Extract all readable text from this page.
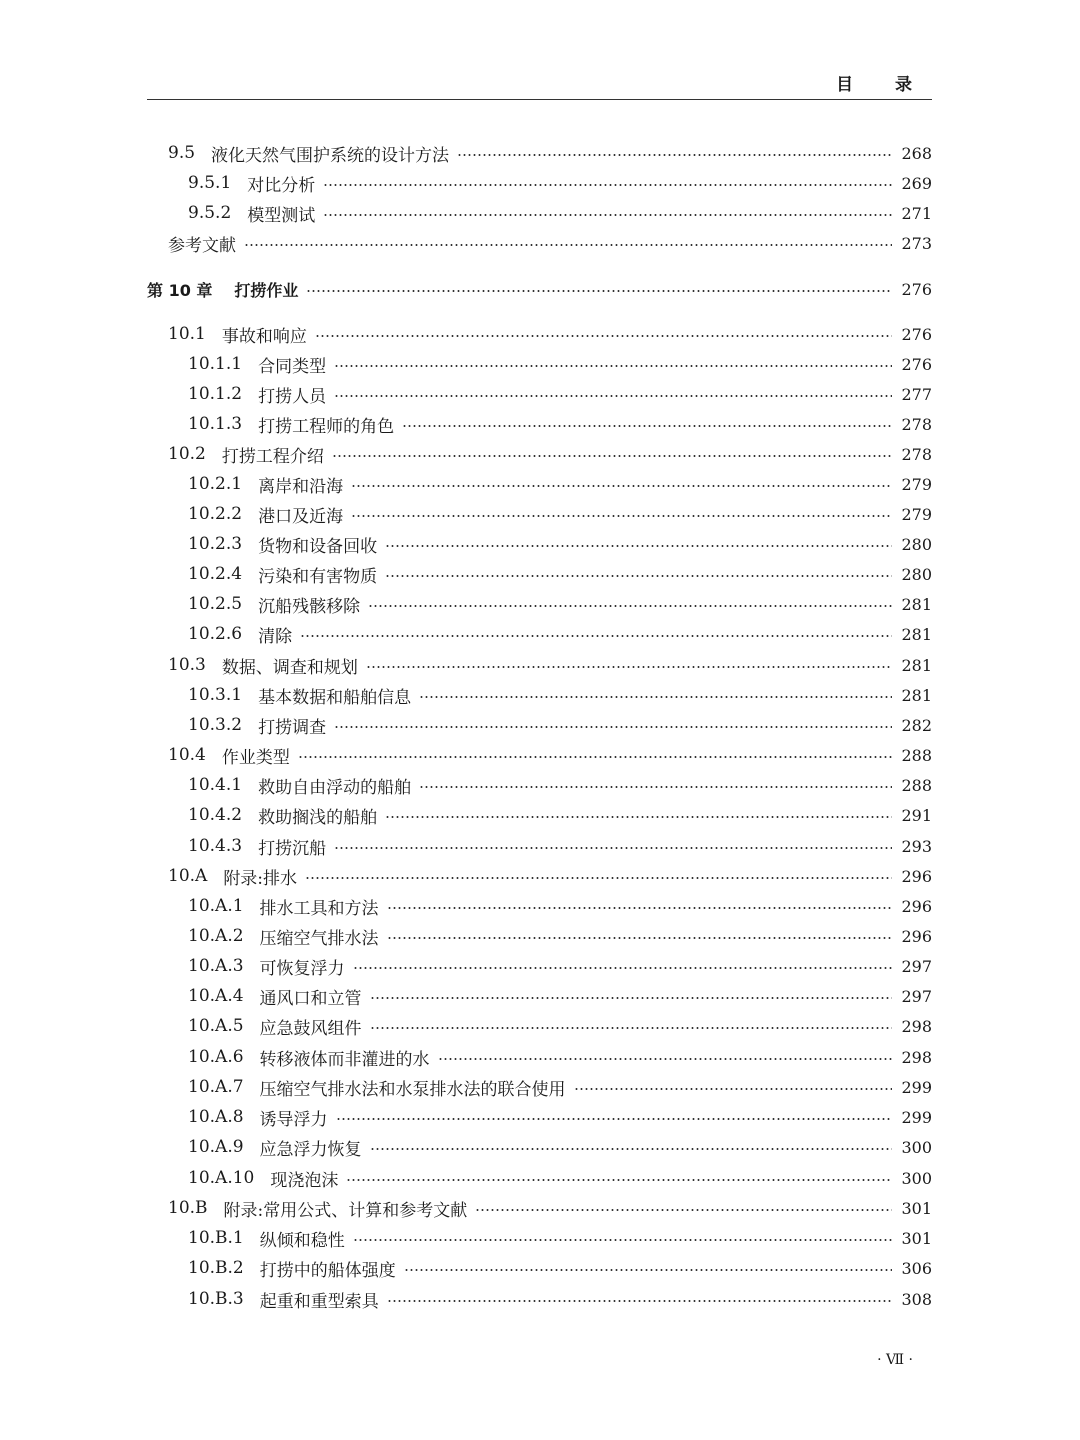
目 录
9.5 液化天然气围护系统的设计方法	268
9.5.1 对比分析	269
9.5.2 模型测试	271
参考文献	273
第 10 章 打捞作业	276
10.1 事故和响应	276
10.1.1 合同类型	276
10.1.2 打捞人员	277
10.1.3 打捞工程师的角色	278
10.2 打捞工程介绍	278
10.2.1 离岸和沿海	279
10.2.2 港口及近海	279
10.2.3 货物和设备回收	280
10.2.4 污染和有害物质	280
10.2.5 沉船残骸移除	281
10.2.6 清除	281
10.3 数据、调查和规划	281
10.3.1 基本数据和船舶信息	281
10.3.2 打捞调查	282
10.4 作业类型	288
10.4.1 救助自由浮动的船舶	288
10.4.2 救助搁浅的船舶	291
10.4.3 打捞沉船	293
10.A 附录:排水	296
10.A.1 排水工具和方法	296
10.A.2 压缩空气排水法	296
10.A.3 可恢复浮力	297
10.A.4 通风口和立管	297
10.A.5 应急鼓风组件	298
10.A.6 转移液体而非灌进的水	298
10.A.7 压缩空气排水法和水泵排水法的联合使用	299
10.A.8 诱导浮力	299
10.A.9 应急浮力恢复	300
10.A.10 现浇泡沫	300
10.B 附录:常用公式、计算和参考文献	301
10.B.1 纵倾和稳性	301
10.B.2 打捞中的船体强度	306
10.B.3 起重和重型索具	308
· Ⅶ ·
